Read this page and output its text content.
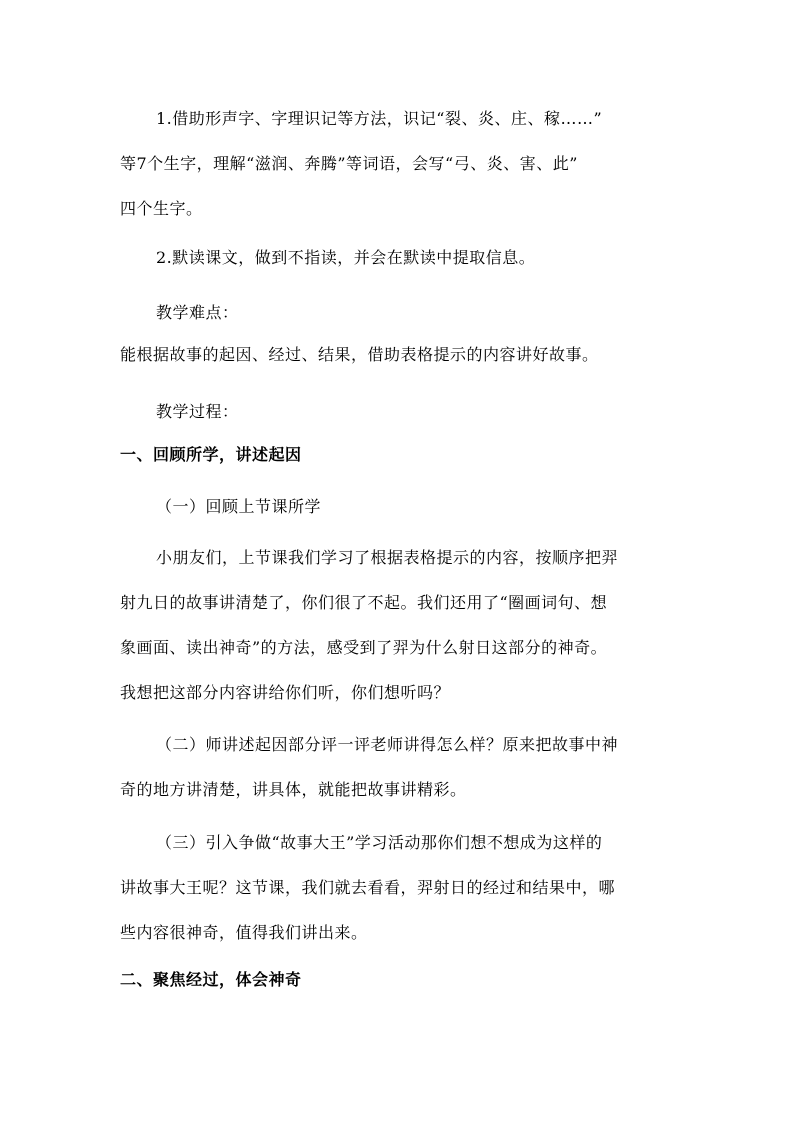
1.借助形声字、字理识记等方法，识记“裂、炎、庄、稼……”
等7个生字，理解“滋润、奔腾”等词语，会写“弓、炎、害、此”
四个生字。
2.默读课文，做到不指读，并会在默读中提取信息。
教学难点：
能根据故事的起因、经过、结果，借助表格提示的内容讲好故事。
教学过程：
一、回顾所学，讲述起因
（一）回顾上节课所学
小朋友们，上节课我们学习了根据表格提示的内容，按顺序把羿
射九日的故事讲清楚了，你们很了不起。我们还用了“圈画词句、想
象画面、读出神奇”的方法，感受到了羿为什么射日这部分的神奇。
我想把这部分内容讲给你们听，你们想听吗？
（二）师讲述起因部分评一评老师讲得怎么样？原来把故事中神
奇的地方讲清楚，讲具体，就能把故事讲精彩。
（三）引入争做“故事大王”学习活动那你们想不想成为这样的
讲故事大王呢？这节课，我们就去看看，羿射日的经过和结果中，哪
些内容很神奇，值得我们讲出来。
二、聚焦经过，体会神奇
